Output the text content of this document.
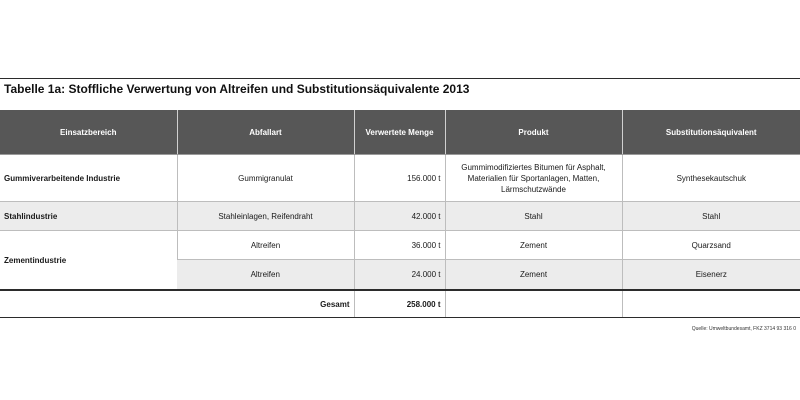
Tabelle 1a: Stoffliche Verwertung von Altreifen und Substitutionsäquivalente 2013
Einsatzbereich	Abfallart	Verwertete Menge	Produkt	Substitutionsäquivalent
Gummiverarbeitende Industrie	Gummigranulat	156.000 t	Gummimodifiziertes Bitumen für Asphalt, Materialien für Sportanlagen, Matten, Lärmschutzwände	Synthesekautschuk
Stahlindustrie	Stahleinlagen, Reifendraht	42.000 t	Stahl	Stahl
Zementindustrie	Altreifen	36.000 t	Zement	Quarzsand
	Altreifen	24.000 t	Zement	Eisenerz
Gesamt		258.000 t		
Quelle: Umweltbundesamt, FKZ 3714 93 316 0
